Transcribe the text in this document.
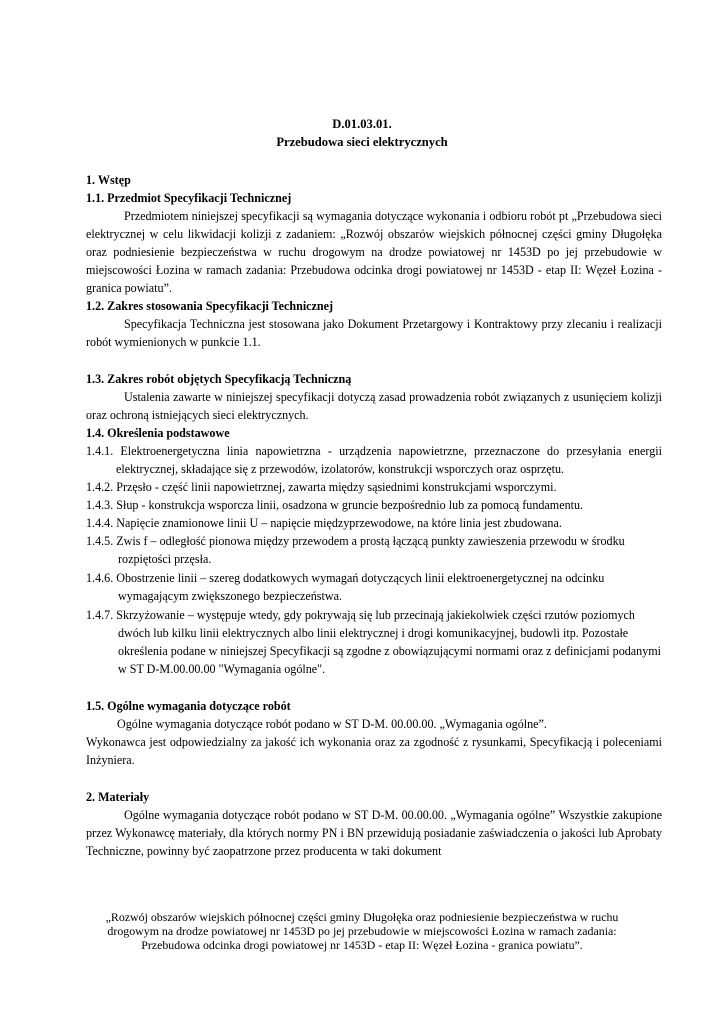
D.01.03.01.
Przebudowa sieci elektrycznych
1. Wstęp
1.1. Przedmiot Specyfikacji Technicznej
Przedmiotem niniejszej specyfikacji są wymagania dotyczące wykonania i odbioru robót pt „Przebudowa sieci elektrycznej w celu likwidacji kolizji z zadaniem: „Rozwój obszarów wiejskich północnej części gminy Długołęka oraz podniesienie bezpieczeństwa w ruchu drogowym na drodze powiatowej nr 1453D po jej przebudowie w miejscowości Łozina w ramach zadania: Przebudowa odcinka drogi powiatowej nr 1453D - etap II: Węzeł Łozina - granica powiatu”.
1.2. Zakres stosowania Specyfikacji Technicznej
Specyfikacja Techniczna jest stosowana jako Dokument Przetargowy i Kontraktowy przy zlecaniu i realizacji robót wymienionych w punkcie 1.1.
1.3. Zakres robót objętych Specyfikacją Techniczną
Ustalenia zawarte w niniejszej specyfikacji dotyczą zasad prowadzenia robót związanych z usunięciem kolizji oraz ochroną istniejących sieci elektrycznych.
1.4. Określenia podstawowe
1.4.1. Elektroenergetyczna linia napowietrzna - urządzenia napowietrzne, przeznaczone do przesyłania energii elektrycznej, składające się z przewodów, izolatorów, konstrukcji wsporczych oraz osprzętu.
1.4.2. Przęsło - część linii napowietrznej, zawarta między sąsiednimi konstrukcjami wsporczymi.
1.4.3. Słup - konstrukcja wsporcza linii, osadzona w gruncie bezpośrednio lub za pomocą fundamentu.
1.4.4. Napięcie znamionowe linii U – napięcie międzyprzewodowe, na które linia jest zbudowana.
1.4.5. Zwis f – odległość pionowa między przewodem a prostą łączącą punkty zawieszenia przewodu w środku
rozpiętości przęsła.
1.4.6. Obostrzenie linii – szereg dodatkowych wymagań dotyczących linii elektroenergetycznej na odcinku
wymagającym zwiększonego bezpieczeństwa.
1.4.7. Skrzyżowanie – występuje wtedy, gdy pokrywają się lub przecinają jakiekolwiek części rzutów poziomych
dwóch lub kilku linii elektrycznych albo linii elektrycznej i drogi komunikacyjnej, budowli itp. Pozostałe określenia podane w niniejszej Specyfikacji są zgodne z obowiązującymi normami oraz z definicjami podanymi w ST D-M.00.00.00 "Wymagania ogólne".
1.5. Ogólne wymagania dotyczące robót
Ogólne wymagania dotyczące robót podano w ST D-M. 00.00.00. „Wymagania ogólne”.
Wykonawca jest odpowiedzialny za jakość ich wykonania oraz za zgodność z rysunkami, Specyfikacją i poleceniami Inżyniera.
2. Materiały
Ogólne wymagania dotyczące robót podano w ST D-M. 00.00.00. „Wymagania ogólne” Wszystkie zakupione przez Wykonawcę materiały, dla których normy PN i BN przewidują posiadanie zaświadczenia o jakości lub Aprobaty Techniczne, powinny być zaopatrzone przez producenta w taki dokument
„Rozwój obszarów wiejskich północnej części gminy Długołęka oraz podniesienie bezpieczeństwa w ruchu drogowym na drodze powiatowej nr 1453D po jej przebudowie w miejscowości Łozina w ramach zadania: Przebudowa odcinka drogi powiatowej nr 1453D - etap II: Węzeł Łozina - granica powiatu”.
